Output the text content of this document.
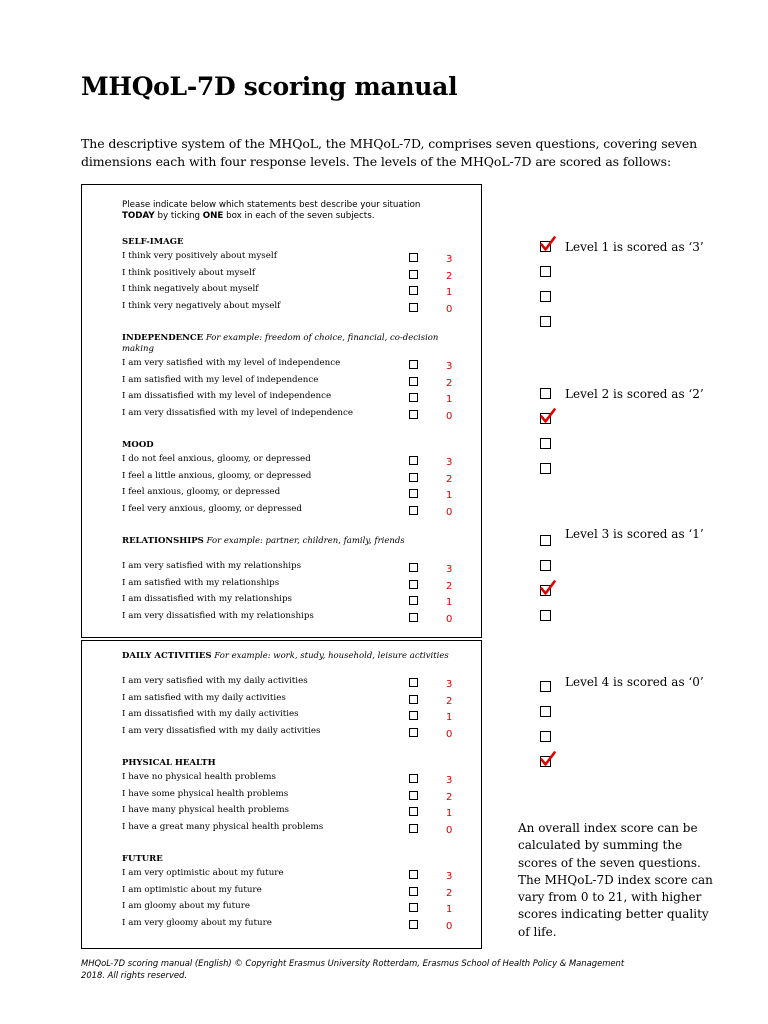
MHQoL-7D scoring manual
The descriptive system of the MHQoL, the MHQoL-7D, comprises seven questions, covering seven
dimensions each with four response levels. The levels of the MHQoL-7D are scored as follows:
Please indicate below which statements best describe your situation
TODAY by ticking ONE box in each of the seven subjects.
SELF-IMAGE
I think very positively about myself	3
I think positively about myself	2
I think negatively about myself	1
I think very negatively about myself	0
INDEPENDENCE For example: freedom of choice, financial, co-decision making
I am very satisfied with my level of independence	3
I am satisfied with my level of independence	2
I am dissatisfied with my level of independence	1
I am very dissatisfied with my level of independence	0
MOOD
I do not feel anxious, gloomy, or depressed	3
I feel a little anxious, gloomy, or depressed	2
I feel anxious, gloomy, or depressed	1
I feel very anxious, gloomy, or depressed	0
RELATIONSHIPS For example: partner, children, family, friends
I am very satisfied with my relationships	3
I am satisfied with my relationships	2
I am dissatisfied with my relationships	1
I am very dissatisfied with my relationships	0
DAILY ACTIVITIES For example: work, study, household, leisure activities
I am very satisfied with my daily activities	3
I am satisfied with my daily activities	2
I am dissatisfied with my daily activities	1
I am very dissatisfied with my daily activities	0
PHYSICAL HEALTH
I have no physical health problems	3
I have some physical health problems	2
I have many physical health problems	1
I have a great many physical health problems	0
FUTURE
I am very optimistic about my future	3
I am optimistic about my future	2
I am gloomy about my future	1
I am very gloomy about my future	0
Level 1 is scored as ‘3’
Level 2 is scored as ‘2’
Level 3 is scored as ‘1’
Level 4 is scored as ‘0’
An overall index score can be
calculated by summing the
scores of the seven questions.
The MHQoL-7D index score can
vary from 0 to 21, with higher
scores indicating better quality
of life.
MHQoL-7D scoring manual (English) © Copyright Erasmus University Rotterdam, Erasmus School of Health Policy & Management
2018. All rights reserved.
